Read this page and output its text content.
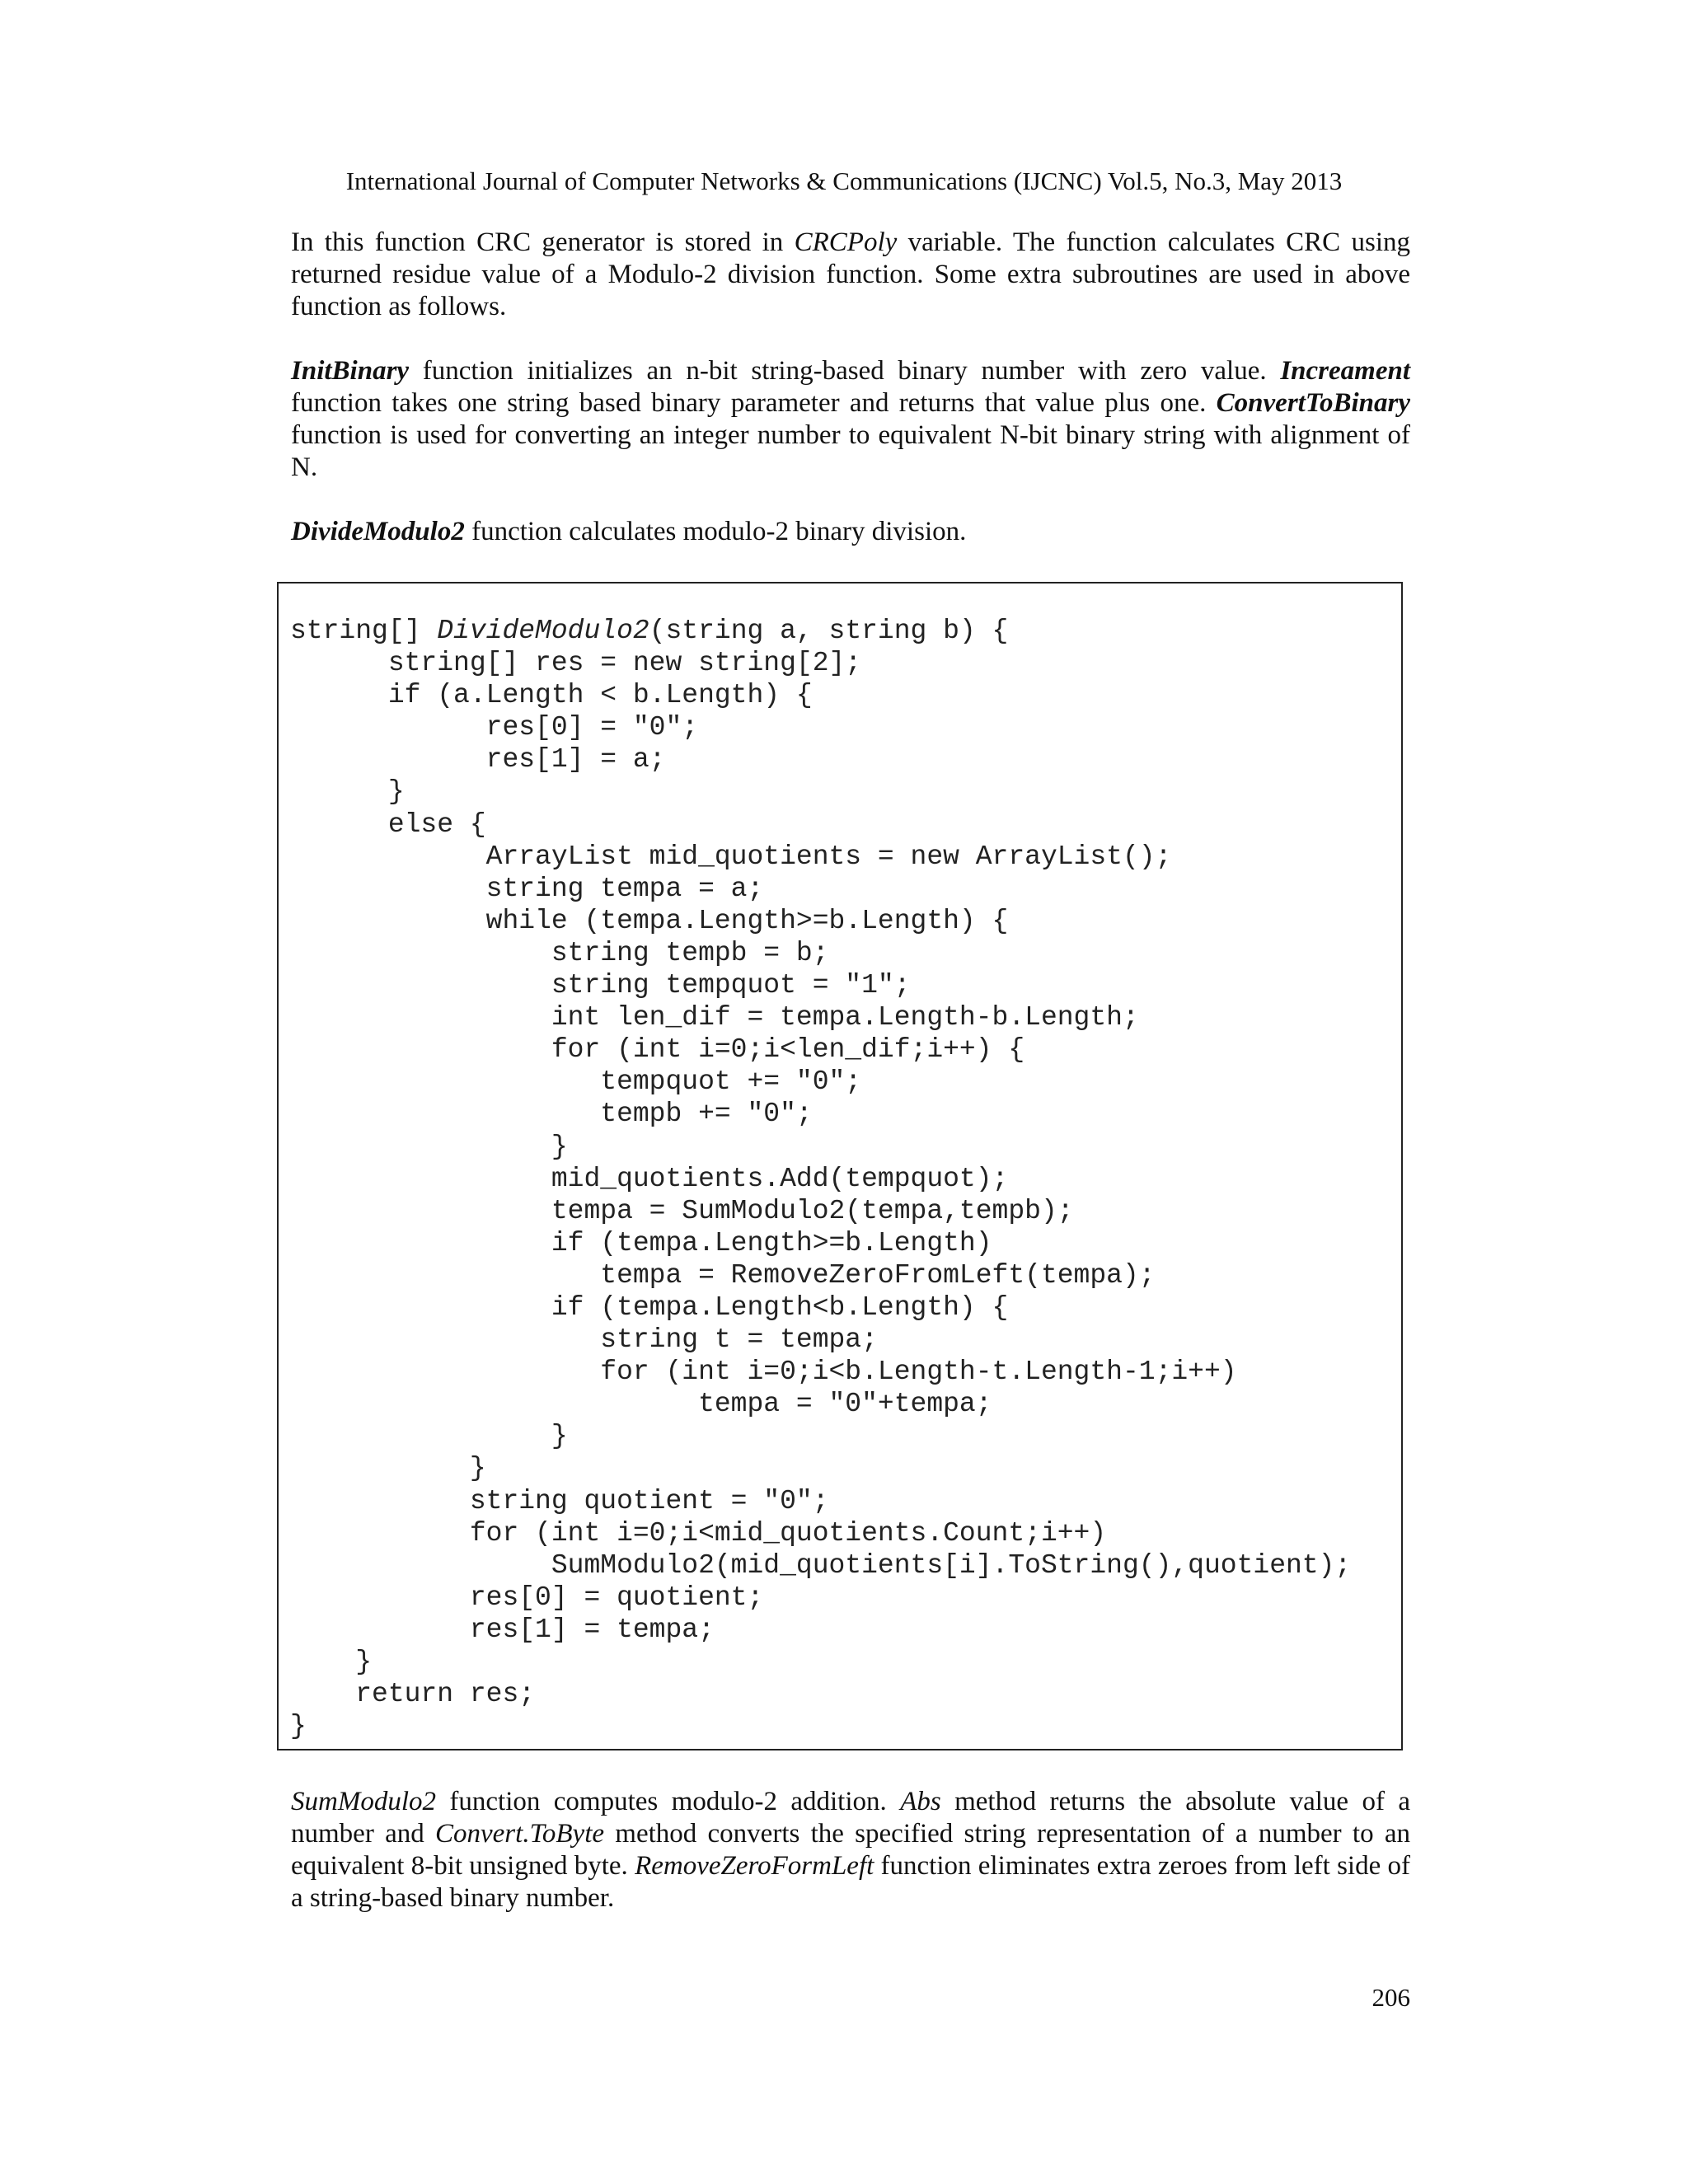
International Journal of Computer Networks & Communications (IJCNC) Vol.5, No.3, May 2013
In this function CRC generator is stored in CRCPoly variable. The function calculates CRC using returned residue value of a Modulo-2 division function. Some extra subroutines are used in above function as follows.
InitBinary function initializes an n-bit string-based binary number with zero value. Increament function takes one string based binary parameter and returns that value plus one. ConvertToBinary function is used for converting an integer number to equivalent N-bit binary string with alignment of N.
DivideModulo2 function calculates modulo-2 binary division.
string[] DivideModulo2(string a, string b) {
string[] res = new string[2];
if (a.Length < b.Length) {
res[0] = "0";
res[1] = a;
}
else {
ArrayList mid_quotients = new ArrayList();
string tempa = a;
while (tempa.Length>=b.Length) {
string tempb = b;
string tempquot = "1";
int len_dif = tempa.Length-b.Length;
for (int i=0;i<len_dif;i++) {
tempquot += "0";
tempb += "0";
}
mid_quotients.Add(tempquot);
tempa = SumModulo2(tempa,tempb);
if (tempa.Length>=b.Length)
tempa = RemoveZeroFromLeft(tempa);
if (tempa.Length<b.Length) {
string t = tempa;
for (int i=0;i<b.Length-t.Length-1;i++)
tempa = "0"+tempa;
}
}
string quotient = "0";
for (int i=0;i<mid_quotients.Count;i++)
SumModulo2(mid_quotients[i].ToString(),quotient);
res[0] = quotient;
res[1] = tempa;
}
return res;
}
SumModulo2 function computes modulo-2 addition. Abs method returns the absolute value of a number and Convert.ToByte method converts the specified string representation of a number to an equivalent 8-bit unsigned byte. RemoveZeroFormLeft function eliminates extra zeroes from left side of a string-based binary number.
206
